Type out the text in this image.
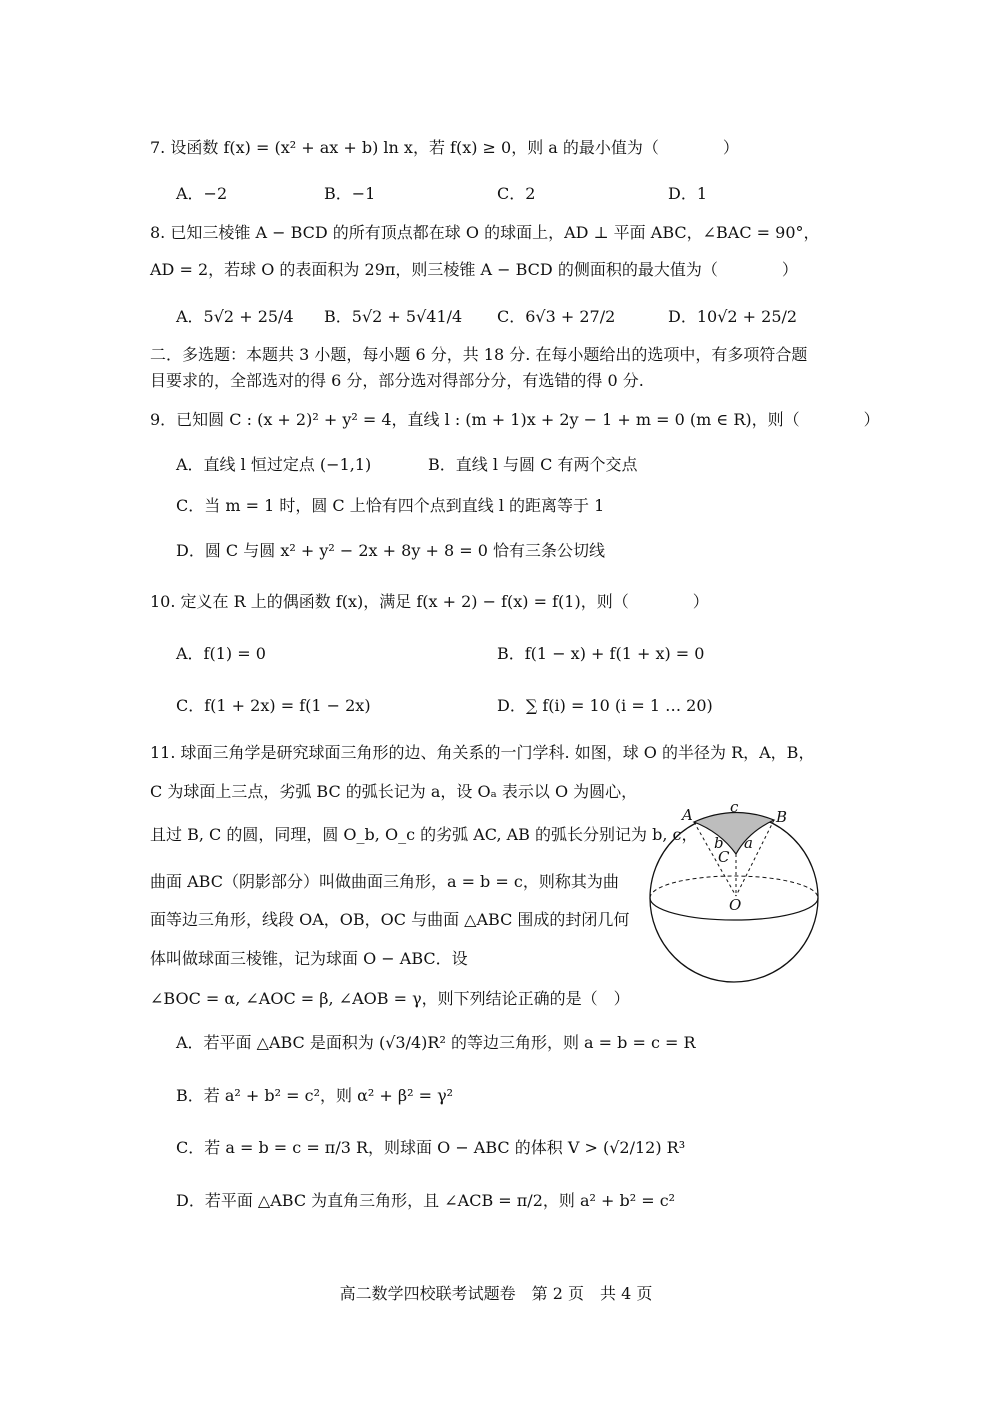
7. 设函数 f(x) = (x² + ax + b) ln x，若 f(x) ≥ 0，则 a 的最小值为（　　　　）
A．−2	B．−1	C．2	D．1
8. 已知三棱锥 A − BCD 的所有顶点都在球 O 的球面上，AD ⊥ 平面 ABC，∠BAC = 90°，
AD = 2，若球 O 的表面积为 29π，则三棱锥 A − BCD 的侧面积的最大值为（　　　　）
A．5√2 + 25/4 B．5√2 + 5√41/4 C．6√3 + 27/2	D．10√2 + 25/2
二．多选题：本题共 3 小题，每小题 6 分，共 18 分. 在每小题给出的选项中，有多项符合题
目要求的，全部选对的得 6 分，部分选对得部分分，有选错的得 0 分.
9．已知圆 C : (x + 2)² + y² = 4，直线 l : (m + 1)x + 2y − 1 + m = 0 (m ∈ R)，则（　　　　）
A．直线 l 恒过定点 (−1,1)	B．直线 l 与圆 C 有两个交点
C．当 m = 1 时，圆 C 上恰有四个点到直线 l 的距离等于 1
D．圆 C 与圆 x² + y² − 2x + 8y + 8 = 0 恰有三条公切线
10. 定义在 R 上的偶函数 f(x)，满足 f(x + 2) − f(x) = f(1)，则（　　　　）
A．f(1) = 0	B．f(1 − x) + f(1 + x) = 0
C．f(1 + 2x) = f(1 − 2x)	D．∑ f(i) = 10 (i = 1 … 20)
11. 球面三角学是研究球面三角形的边、角关系的一门学科. 如图，球 O 的半径为 R，A，B，
C 为球面上三点，劣弧 BC 的弧长记为 a，设 Oₐ 表示以 O 为圆心，
且过 B, C 的圆，同理，圆 O_b, O_c 的劣弧 AC, AB 的弧长分别记为 b, c，
曲面 ABC（阴影部分）叫做曲面三角形，a = b = c，则称其为曲
面等边三角形，线段 OA，OB，OC 与曲面 △ABC 围成的封闭几何
体叫做球面三棱锥，记为球面 O − ABC．设
∠BOC = α, ∠AOC = β, ∠AOB = γ，则下列结论正确的是（　）
A	B
C
O
c
b a
A．若平面 △ABC 是面积为 (√3/4)R² 的等边三角形，则 a = b = c = R
B．若 a² + b² = c²，则 α² + β² = γ²
C．若 a = b = c = π/3 R，则球面 O − ABC 的体积 V > (√2/12) R³
D．若平面 △ABC 为直角三角形，且 ∠ACB = π/2，则 a² + b² = c²
高二数学四校联考试题卷　第 2 页　共 4 页
